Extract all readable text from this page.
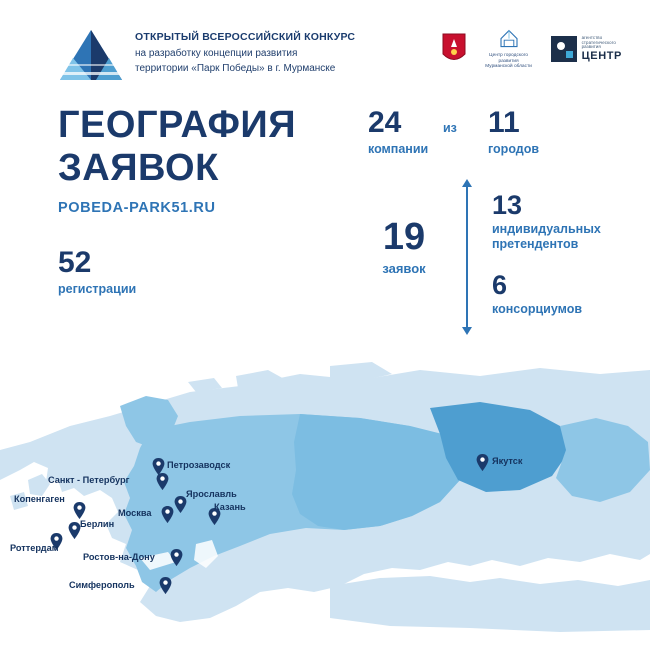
ОТКРЫТЫЙ ВСЕРОССИЙСКИЙ КОНКУРС
на разработку концепции развития
территории «Парк Победы» в г. Мурманске
Центр городского развития
Мурманской области
агентство
стратегического
развития
ЦЕНТР
ГЕОГРАФИЯ
ЗАЯВОК
POBEDA-PARK51.RU
52
регистрации
24
компании
из 11
городов
19
заявок
13
индивидуальных
претендентов
6
консорциумов
Петрозаводск
Санкт - Петербург
Ярославль
Казань
Москва
Копенгаген
Берлин
Роттердам
Ростов-на-Дону
Симферополь
Якутск
